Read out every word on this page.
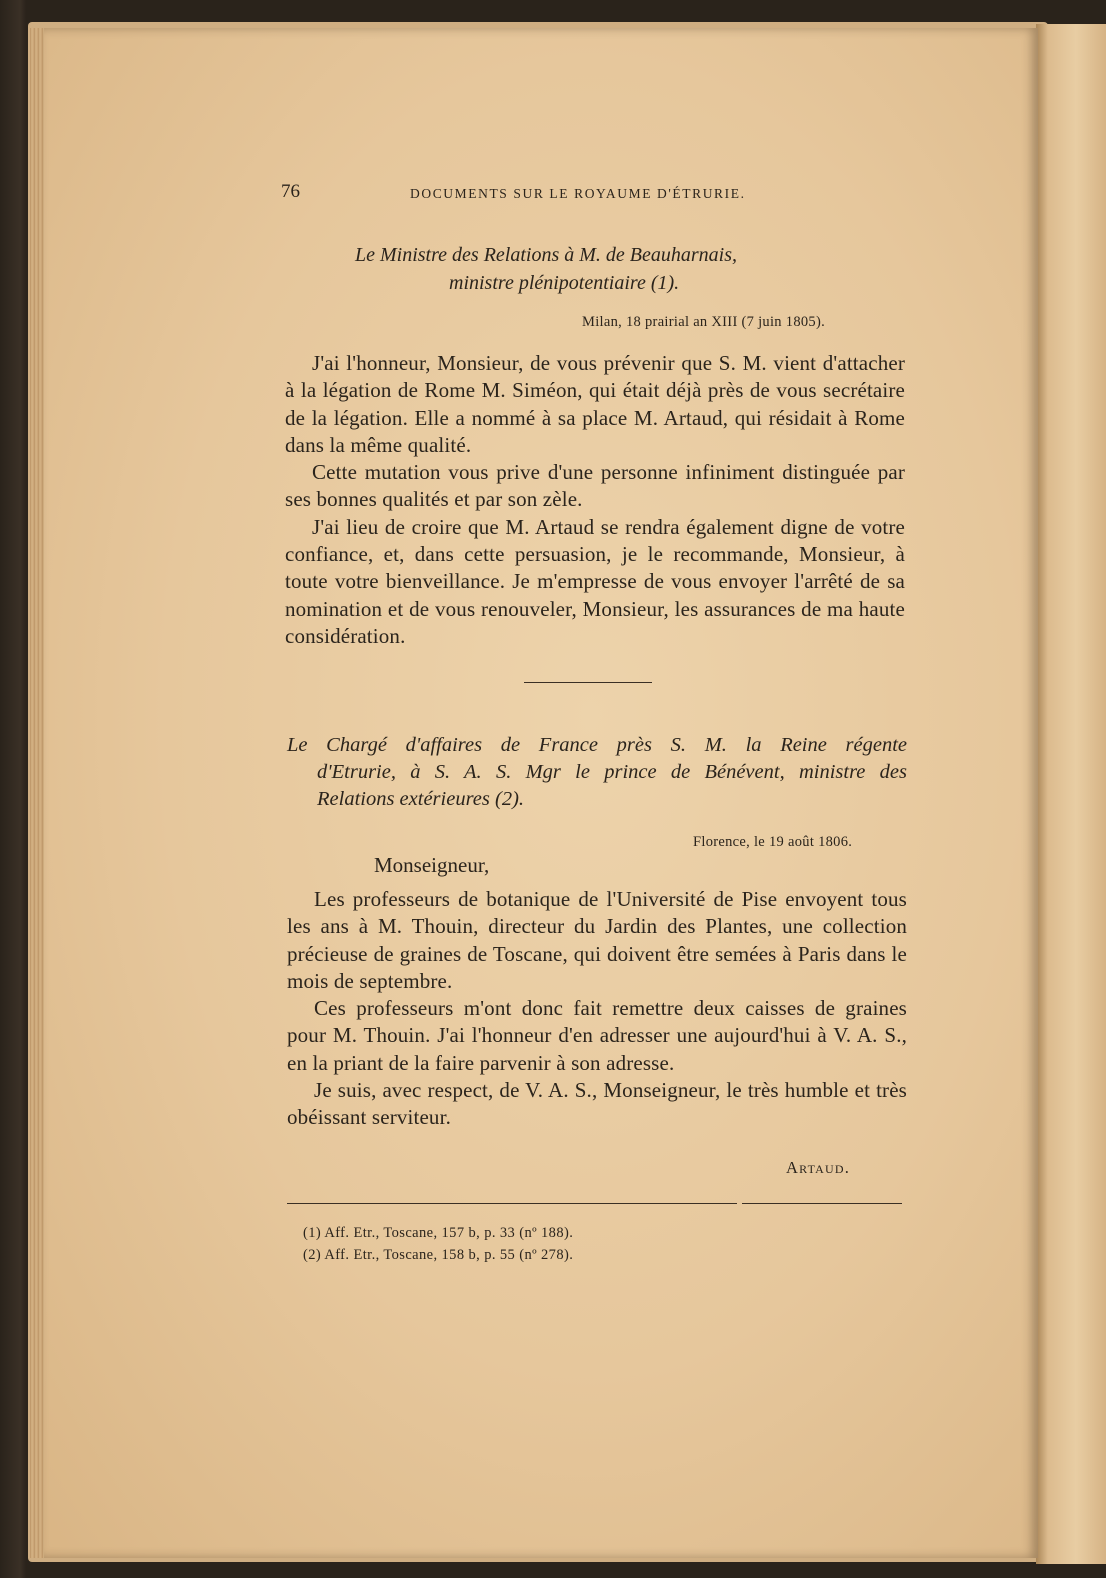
76	DOCUMENTS SUR LE ROYAUME D'ÉTRURIE.
Le Ministre des Relations à M. de Beauharnais,
ministre plénipotentiaire (1).
Milan, 18 prairial an XIII (7 juin 1805).

J'ai l'honneur, Monsieur, de vous prévenir que S. M. vient d'attacher à la légation de Rome M. Siméon, qui était déjà près de vous secrétaire de la légation. Elle a nommé à sa place M. Artaud, qui résidait à Rome dans la même qualité.

Cette mutation vous prive d'une personne infiniment distinguée par ses bonnes qualités et par son zèle.

J'ai lieu de croire que M. Artaud se rendra également digne de votre confiance, et, dans cette persuasion, je le recommande, Monsieur, à toute votre bienveillance. Je m'empresse de vous envoyer l'arrêté de sa nomination et de vous renouveler, Monsieur, les assurances de ma haute considération.

Le Chargé d'affaires de France près S. M. la Reine régente
d'Etrurie, à S. A. S. Mgr le prince de Bénévent, ministre des
Relations extérieures (2).
Florence, le 19 août 1806.
Monseigneur,

Les professeurs de botanique de l'Université de Pise envoyent tous les ans à M. Thouin, directeur du Jardin des Plantes, une collection précieuse de graines de Toscane, qui doivent être semées à Paris dans le mois de septembre.

Ces professeurs m'ont donc fait remettre deux caisses de graines pour M. Thouin. J'ai l'honneur d'en adresser une aujourd'hui à V. A. S., en la priant de la faire parvenir à son adresse.

Je suis, avec respect, de V. A. S., Monseigneur, le très humble et très obéissant serviteur.

Artaud.
(1) Aff. Etr., Toscane, 157 b, p. 33 (nº 188).
(2) Aff. Etr., Toscane, 158 b, p. 55 (nº 278).
